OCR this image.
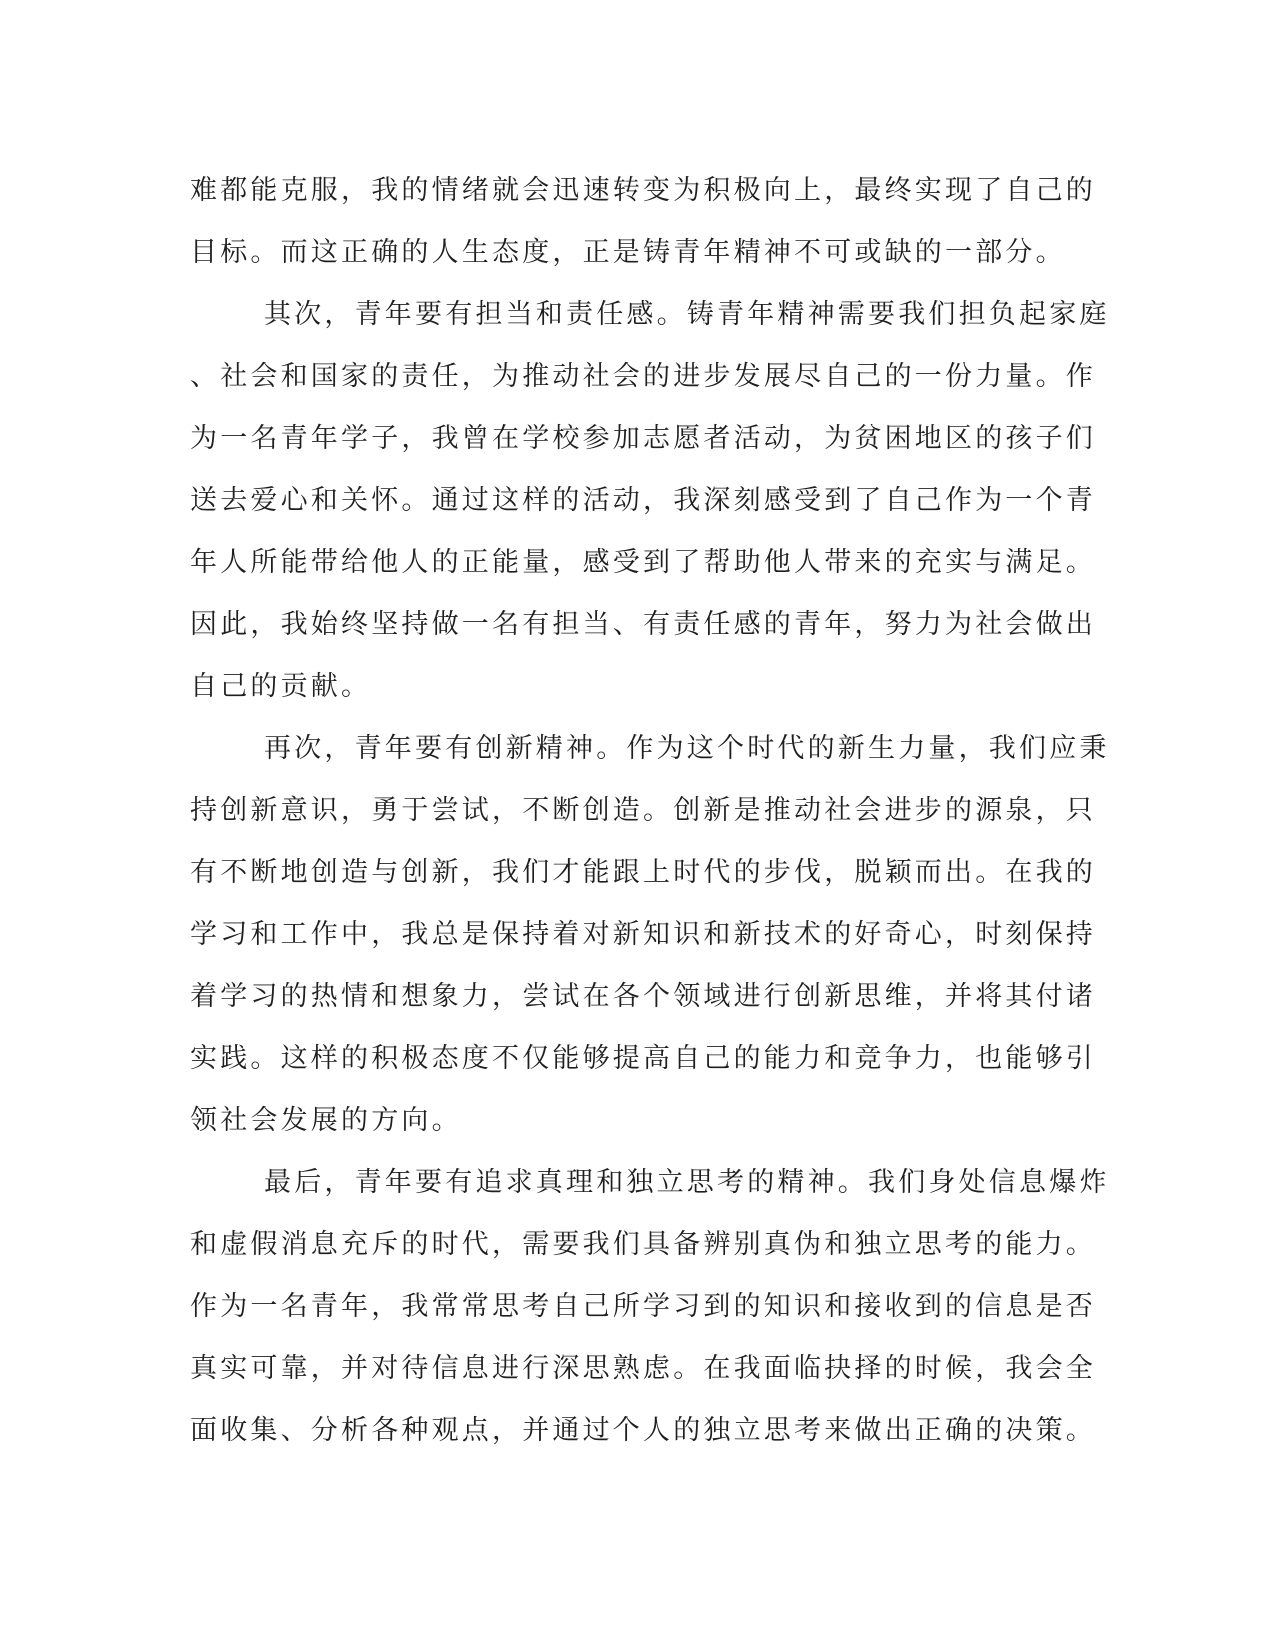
难都能克服，我的情绪就会迅速转变为积极向上，最终实现了自己的
目标。而这正确的人生态度，正是铸青年精神不可或缺的一部分。
其次，青年要有担当和责任感。铸青年精神需要我们担负起家庭
、社会和国家的责任，为推动社会的进步发展尽自己的一份力量。作
为一名青年学子，我曾在学校参加志愿者活动，为贫困地区的孩子们
送去爱心和关怀。通过这样的活动，我深刻感受到了自己作为一个青
年人所能带给他人的正能量，感受到了帮助他人带来的充实与满足。
因此，我始终坚持做一名有担当、有责任感的青年，努力为社会做出
自己的贡献。
再次，青年要有创新精神。作为这个时代的新生力量，我们应秉
持创新意识，勇于尝试，不断创造。创新是推动社会进步的源泉，只
有不断地创造与创新，我们才能跟上时代的步伐，脱颖而出。在我的
学习和工作中，我总是保持着对新知识和新技术的好奇心，时刻保持
着学习的热情和想象力，尝试在各个领域进行创新思维，并将其付诸
实践。这样的积极态度不仅能够提高自己的能力和竞争力，也能够引
领社会发展的方向。
最后，青年要有追求真理和独立思考的精神。我们身处信息爆炸
和虚假消息充斥的时代，需要我们具备辨别真伪和独立思考的能力。
作为一名青年，我常常思考自己所学习到的知识和接收到的信息是否
真实可靠，并对待信息进行深思熟虑。在我面临抉择的时候，我会全
面收集、分析各种观点，并通过个人的独立思考来做出正确的决策。
